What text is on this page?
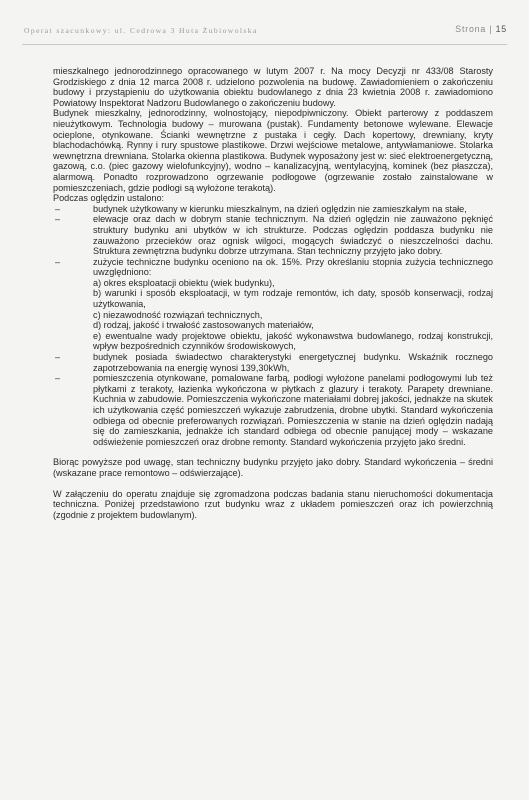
Operat szacunkowy: ul. Cedrowa 3 Huta Żubiowolska	Strona | 15

mieszkalnego jednorodzinnego opracowanego w lutym 2007 r. Na mocy Decyzji nr 433/08 Starosty Grodziskiego z dnia 12 marca 2008 r. udzielono pozwolenia na budowę. Zawiadomieniem o zakończeniu budowy i przystąpieniu do użytkowania obiektu budowlanego z dnia 23 kwietnia 2008 r. zawiadomiono Powiatowy Inspektorat Nadzoru Budowlanego o zakończeniu budowy.

Budynek mieszkalny, jednorodzinny, wolnostojący, niepodpiwniczony. Obiekt parterowy z poddaszem nieużytkowym. Technologia budowy – murowana (pustak). Fundamenty betonowe wylewane. Elewacje ocieplone, otynkowane. Ścianki wewnętrzne z pustaka i cegły. Dach kopertowy, drewniany, kryty blachodachówką. Rynny i rury spustowe plastikowe. Drzwi wejściowe metalowe, antywłamaniowe. Stolarka wewnętrzna drewniana. Stolarka okienna plastikowa. Budynek wyposażony jest w: sieć elektroenergetyczną, gazową, c.o. (piec gazowy wielofunkcyjny), wodno – kanalizacyjną, wentylacyjną, kominek (bez płaszcza), alarmową. Ponadto rozprowadzono ogrzewanie podłogowe (ogrzewanie zostało zainstalowane w pomieszczeniach, gdzie podłogi są wyłożone terakotą).

Podczas oględzin ustalono:

– budynek użytkowany w kierunku mieszkalnym, na dzień oględzin nie zamieszkałym na stałe,
– elewacje oraz dach w dobrym stanie technicznym. Na dzień oględzin nie zauważono pęknięć struktury budynku ani ubytków w ich strukturze. Podczas oględzin poddasza budynku nie zauważono przecieków oraz ognisk wilgoci, mogących świadczyć o nieszczelności dachu. Struktura zewnętrzna budynku dobrze utrzymana. Stan techniczny przyjęto jako dobry.

– zużycie techniczne budynku oceniono na ok. 15%. Przy określaniu stopnia zużycia technicznego uwzględniono:

a) okres eksploatacji obiektu (wiek budynku),

b) warunki i sposób eksploatacji, w tym rodzaje remontów, ich daty, sposób konserwacji, rodzaj użytkowania,

c) niezawodność rozwiązań technicznych,

d) rodzaj, jakość i trwałość zastosowanych materiałów,

e) ewentualne wady projektowe obiektu, jakość wykonawstwa budowlanego, rodzaj konstrukcji, wpływ bezpośrednich czynników środowiskowych,

– budynek posiada świadectwo charakterystyki energetycznej budynku. Wskaźnik rocznego zapotrzebowania na energię wynosi 139,30kWh,
– pomieszczenia otynkowane, pomalowane farbą, podłogi wyłożone panelami podłogowymi lub też płytkami z terakoty, łazienka wykończona w płytkach z glazury i terakoty. Parapety drewniane. Kuchnia w zabudowie. Pomieszczenia wykończone materiałami dobrej jakości, jednakże na skutek ich użytkowania część pomieszczeń wykazuje zabrudzenia, drobne ubytki. Standard wykończenia odbiega od obecnie preferowanych rozwiązań. Pomieszczenia w stanie na dzień oględzin nadają się do zamieszkania, jednakże ich standard odbiega od obecnie panującej mody – wskazane odświeżenie pomieszczeń oraz drobne remonty. Standard wykończenia przyjęto jako średni.

Biorąc powyższe pod uwagę, stan techniczny budynku przyjęto jako dobry. Standard wykończenia – średni (wskazane prace remontowo – odświerzające).

W załączeniu do operatu znajduje się zgromadzona podczas badania stanu nieruchomości dokumentacja techniczna. Poniżej przedstawiono rzut budynku wraz z układem pomieszczeń oraz ich powierzchnią (zgodnie z projektem budowlanym).
